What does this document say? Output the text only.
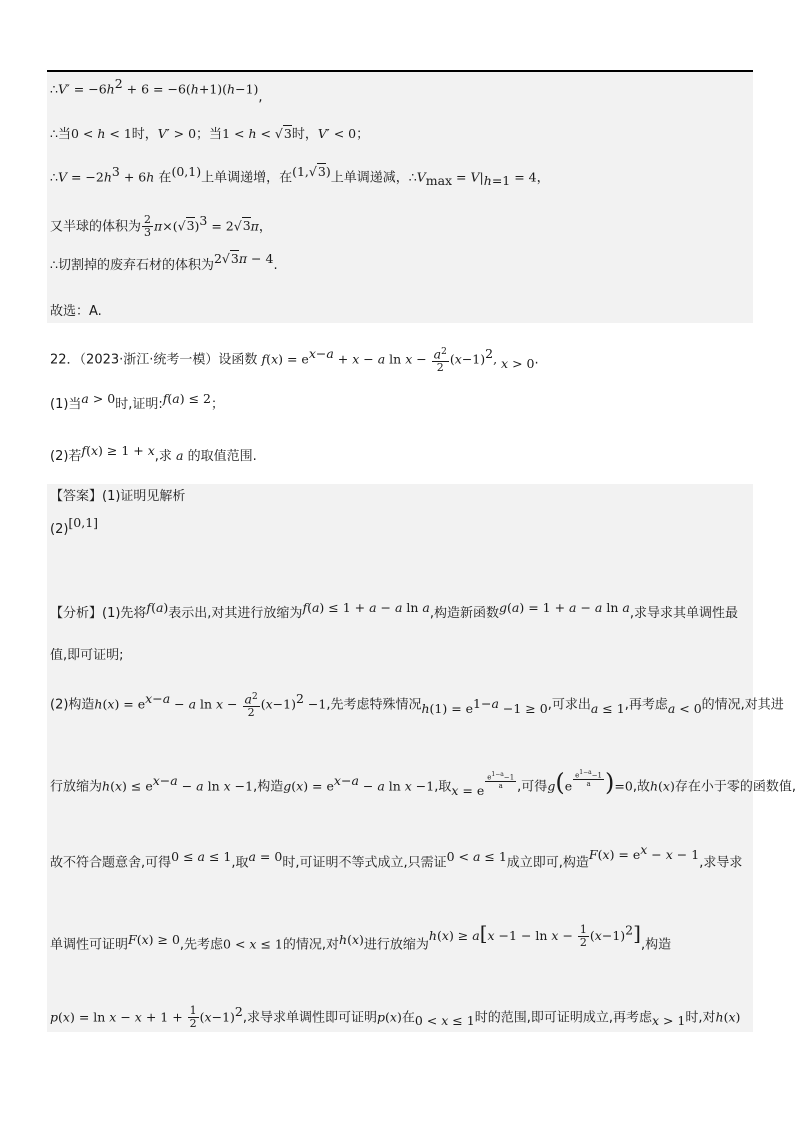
∴V′ = $-6h^2 + 6 = -6(h+1)(h-1)$,
∴当0 < h < 1时，V′ > 0；当1 < h < √3时，V′ < 0；
∴V = $-2h^3 + 6h$ 在(0,1)上单调递增，在(1,√3)上单调递减，$\therefore V_{max} = V|_{h=1} = 4$，
又半球的体积为 $\frac{2}{3} \pi\times(√3)^3 = 2√3\pi$，
∴切割掉的废弃石材的体积为2√3π − 4.
故选：A.
22．（2023·浙江·统考一模）设函数 $f(x) = e^{x-a} + x - a$ $\ln x - \frac{a^2}{2} (x-1)^2$, x > 0.
(1)当a > 0时,证明:f(a) ≤ 2；
(2)若f(x) ≥ 1 + x,求 a 的取值范围.
【答案】(1)证明见解析
(2)[0,1]
【分析】(1)先将f(a)表示出,对其进行放缩为f(a) ≤ 1 + a − a ln a,构造新函数g(a) = 1 + a − a ln a,求导求其单调性最
值,即可证明;
(2)构造$h(x) = e^{x-a} - a$ $\ln x - \frac{a^2}{2} (x-1)^2 -1$,先考虑特殊情况$h(1) = e^{1-a} -1 \ge 0$,可求出a ≤ 1,再考虑a < 0的情况,对其进
行放缩为$h(x) \le e^{x-a} - a$ ln x −1,构造$g(x) = e^{x-a} - a$ ln x −1,取x = e
$\frac{e^{1-a}-1}{a}$ ,可得$g(e \frac{e^{1-a}-1}{a} )=0$,故h(x)存在小于零的函数值,
故不符合题意舍,可得0 ≤ a ≤ 1,取a = 0时,可证明不等式成立,只需证0 < a ≤ 1成立即可,构造$F(x) = e^x - x - 1$,求导求
单调性可证明F(x) ≥ 0,先考虑0 < x ≤ 1的情况,对h(x)进行放缩为$h(x) \ge a[x -1 - \ln x - \frac{1}{2} (x-1)^2]$,构造
$p(x) = \ln x - x + 1 + \frac{1}{2} (x-1)^2$,求导求单调性即可证明p(x)在0 < x ≤ 1时的范围,即可证明成立,再考虑x > 1时,对h(x)
